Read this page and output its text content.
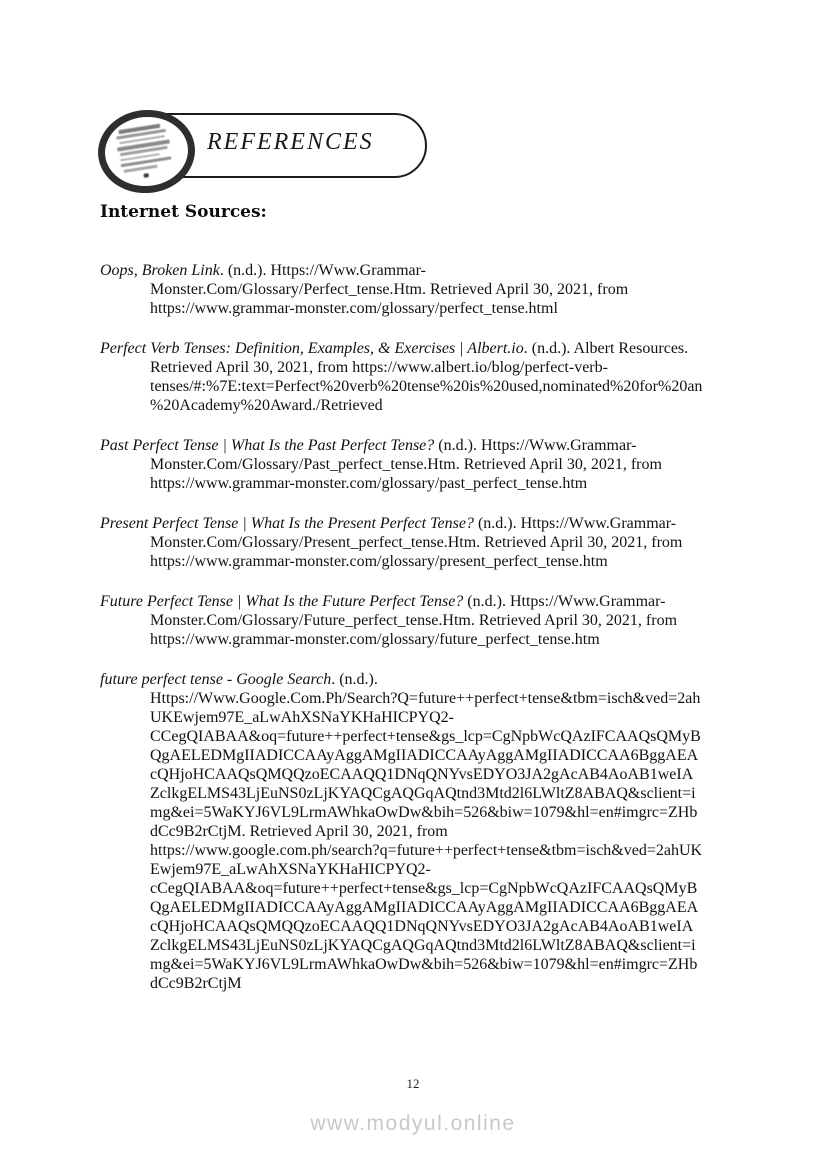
REFERENCES
Internet Sources:
Oops, Broken Link. (n.d.). Https://Www.Grammar-
Monster.Com/Glossary/Perfect_tense.Htm. Retrieved April 30, 2021, from
https://www.grammar-monster.com/glossary/perfect_tense.html
Perfect Verb Tenses: Definition, Examples, & Exercises | Albert.io. (n.d.). Albert Resources.
Retrieved April 30, 2021, from https://www.albert.io/blog/perfect-verb-
tenses/#:%7E:text=Perfect%20verb%20tense%20is%20used,nominated%20for%20an
%20Academy%20Award./Retrieved
Past Perfect Tense | What Is the Past Perfect Tense? (n.d.). Https://Www.Grammar-
Monster.Com/Glossary/Past_perfect_tense.Htm. Retrieved April 30, 2021, from
https://www.grammar-monster.com/glossary/past_perfect_tense.htm
Present Perfect Tense | What Is the Present Perfect Tense? (n.d.). Https://Www.Grammar-
Monster.Com/Glossary/Present_perfect_tense.Htm. Retrieved April 30, 2021, from
https://www.grammar-monster.com/glossary/present_perfect_tense.htm
Future Perfect Tense | What Is the Future Perfect Tense? (n.d.). Https://Www.Grammar-
Monster.Com/Glossary/Future_perfect_tense.Htm. Retrieved April 30, 2021, from
https://www.grammar-monster.com/glossary/future_perfect_tense.htm
future perfect tense - Google Search. (n.d.).
Https://Www.Google.Com.Ph/Search?Q=future++perfect+tense&tbm=isch&ved=2ah
UKEwjem97E_aLwAhXSNaYKHaHICPYQ2-
CCegQIABAA&oq=future++perfect+tense&gs_lcp=CgNpbWcQAzIFCAAQsQMyB
QgAELEDMgIIADICCAAyAggAMgIIADICCAAyAggAMgIIADICCAA6BggAEA
cQHjoHCAAQsQMQQzoECAAQQ1DNqQNYvsEDYO3JA2gAcAB4AoAB1weIA
ZclkgELMS43LjEuNS0zLjKYAQCgAQGqAQtnd3Mtd2l6LWltZ8ABAQ&sclient=i
mg&ei=5WaKYJ6VL9LrmAWhkaOwDw&bih=526&biw=1079&hl=en#imgrc=ZHb
dCc9B2rCtjM. Retrieved April 30, 2021, from
https://www.google.com.ph/search?q=future++perfect+tense&tbm=isch&ved=2ahUK
Ewjem97E_aLwAhXSNaYKHaHICPYQ2-
cCegQIABAA&oq=future++perfect+tense&gs_lcp=CgNpbWcQAzIFCAAQsQMyB
QgAELEDMgIIADICCAAyAggAMgIIADICCAAyAggAMgIIADICCAA6BggAEA
cQHjoHCAAQsQMQQzoECAAQQ1DNqQNYvsEDYO3JA2gAcAB4AoAB1weIA
ZclkgELMS43LjEuNS0zLjKYAQCgAQGqAQtnd3Mtd2l6LWltZ8ABAQ&sclient=i
mg&ei=5WaKYJ6VL9LrmAWhkaOwDw&bih=526&biw=1079&hl=en#imgrc=ZHb
dCc9B2rCtjM
12
www.modyul.online
